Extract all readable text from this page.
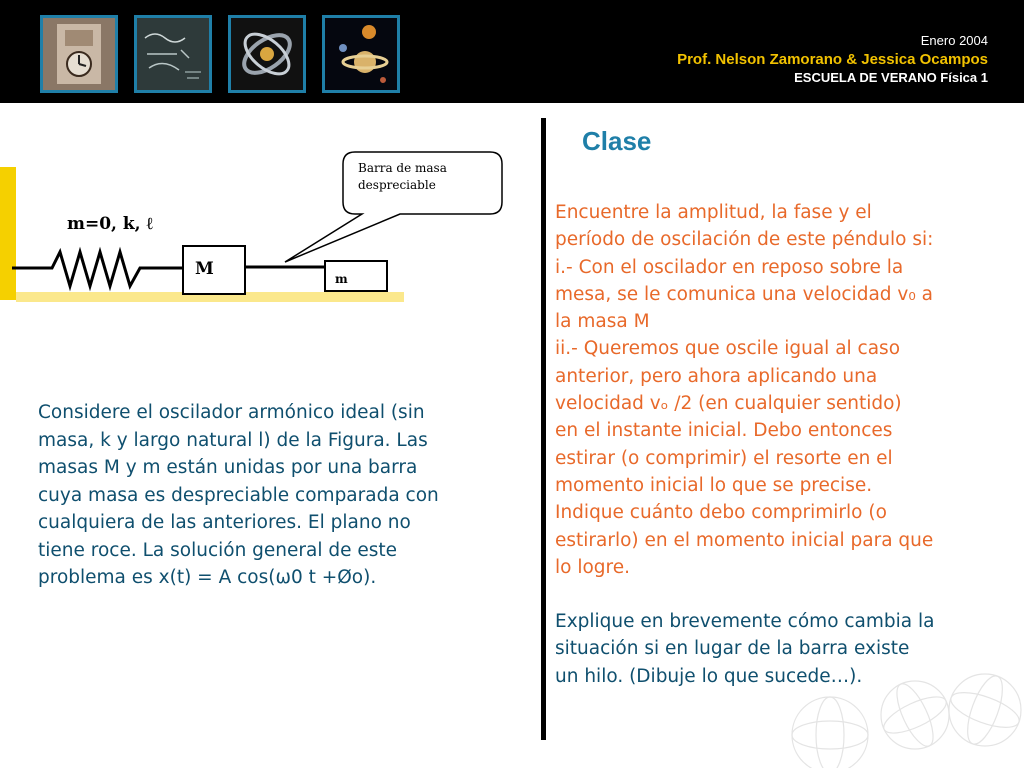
Enero 2004
Prof. Nelson Zamorano & Jessica Ocampos
ESCUELA DE VERANO Física 1
M	m
m=0, k, ℓ
Barra de masa
despreciable
Considere el oscilador armónico ideal (sin
masa, k y largo natural l) de la Figura. Las
masas M y m están unidas por una barra
cuya masa es despreciable comparada con
cualquiera de las anteriores. El plano no
tiene roce. La solución general de este
problema es x(t) = A cos(ω0 t +Øo).
Clase
Encuentre la amplitud, la fase y el
período de oscilación de este péndulo si:
i.- Con el oscilador en reposo sobre la
mesa, se le comunica una velocidad v₀ a
la masa M
ii.- Queremos que oscile igual al caso
anterior, pero ahora aplicando una
velocidad vₒ /2 (en cualquier sentido)
en el instante inicial. Debo entonces
estirar (o comprimir) el resorte en el
momento inicial lo que se precise.
Indique cuánto debo comprimirlo (o
estirarlo) en el momento inicial para que
lo logre.
Explique en brevemente cómo cambia la
situación si en lugar de la barra existe
un hilo. (Dibuje lo que sucede…).
